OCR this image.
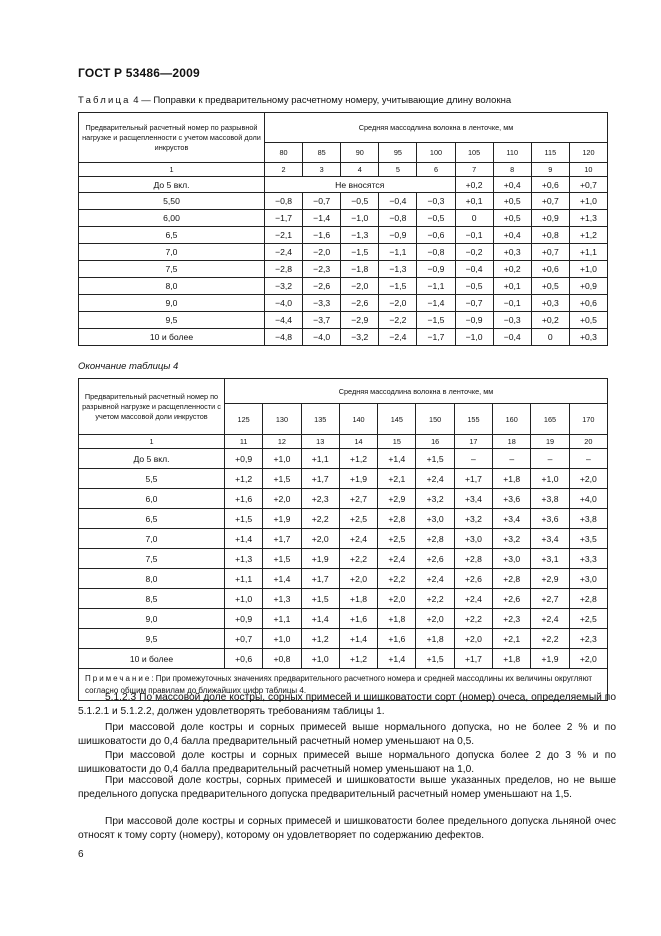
ГОСТ Р 53486—2009
Таблица 4 — Поправки к предварительному расчетному номеру, учитывающие длину волокна
Предварительный расчетный номер по разрывной нагрузке и расщепленности с учетом массовой доли инкрустов	Средняя массодлина волокна в ленточке, мм								
	80	85	90	95	100	105	110	115	120
1	2	3	4	5	6	7	8	9	10
До 5 вкл.	Не вносятся					+0,2	+0,4	+0,6	+0,7
5,50	−0,8	−0,7	−0,5	−0,4	−0,3	+0,1	+0,5	+0,7	+1,0
6,00	−1,7	−1,4	−1,0	−0,8	−0,5	0	+0,5	+0,9	+1,3
6,5	−2,1	−1,6	−1,3	−0,9	−0,6	−0,1	+0,4	+0,8	+1,2
7,0	−2,4	−2,0	−1,5	−1,1	−0,8	−0,2	+0,3	+0,7	+1,1
7,5	−2,8	−2,3	−1,8	−1,3	−0,9	−0,4	+0,2	+0,6	+1,0
8,0	−3,2	−2,6	−2,0	−1,5	−1,1	−0,5	+0,1	+0,5	+0,9
9,0	−4,0	−3,3	−2,6	−2,0	−1,4	−0,7	−0,1	+0,3	+0,6
9,5	−4,4	−3,7	−2,9	−2,2	−1,5	−0,9	−0,3	+0,2	+0,5
10 и более	−4,8	−4,0	−3,2	−2,4	−1,7	−1,0	−0,4	0	+0,3
Окончание таблицы 4
Предварительный расчетный номер по разрывной нагрузке и расщепленности с учетом массовой доли инкрустов	Средняя массодлина волокна в ленточке, мм									
	125	130	135	140	145	150	155	160	165	170
1	11	12	13	14	15	16	17	18	19	20
До 5 вкл.	+0,9	+1,0	+1,1	+1,2	+1,4	+1,5	–	–	–	–
5,5	+1,2	+1,5	+1,7	+1,9	+2,1	+2,4	+1,7	+1,8	+1,0	+2,0
6,0	+1,6	+2,0	+2,3	+2,7	+2,9	+3,2	+3,4	+3,6	+3,8	+4,0
6,5	+1,5	+1,9	+2,2	+2,5	+2,8	+3,0	+3,2	+3,4	+3,6	+3,8
7,0	+1,4	+1,7	+2,0	+2,4	+2,5	+2,8	+3,0	+3,2	+3,4	+3,5
7,5	+1,3	+1,5	+1,9	+2,2	+2,4	+2,6	+2,8	+3,0	+3,1	+3,3
8,0	+1,1	+1,4	+1,7	+2,0	+2,2	+2,4	+2,6	+2,8	+2,9	+3,0
8,5	+1,0	+1,3	+1,5	+1,8	+2,0	+2,2	+2,4	+2,6	+2,7	+2,8
9,0	+0,9	+1,1	+1,4	+1,6	+1,8	+2,0	+2,2	+2,3	+2,4	+2,5
9,5	+0,7	+1,0	+1,2	+1,4	+1,6	+1,8	+2,0	+2,1	+2,2	+2,3
10 и более	+0,6	+0,8	+1,0	+1,2	+1,4	+1,5	+1,7	+1,8	+1,9	+2,0
Примечание: При промежуточных значениях предварительного расчетного номера и средней массодлины их величины округляют согласно общим правилам до ближайших цифр таблицы 4.										
5.1.2.3 По массовой доле костры, сорных примесей и шишковатости сорт (номер) очеса, определяемый по 5.1.2.1 и 5.1.2.2, должен удовлетворять требованиям таблицы 1.
При массовой доле костры и сорных примесей выше нормального допуска, но не более 2 % и по шишковатости до 0,4 балла предварительный расчетный номер уменьшают на 0,5.
При массовой доле костры и сорных примесей выше нормального допуска более 2 до 3 % и по шишковатости до 0,4 балла предварительный расчетный номер уменьшают на 1,0.
При массовой доле костры, сорных примесей и шишковатости выше указанных пределов, но не выше предельного допуска предварительного допуска предварительный расчетный номер уменьшают на 1,5.
При массовой доле костры и сорных примесей и шишковатости более предельного допуска льняной очес относят к тому сорту (номеру), которому он удовлетворяет по содержанию дефектов.
6
